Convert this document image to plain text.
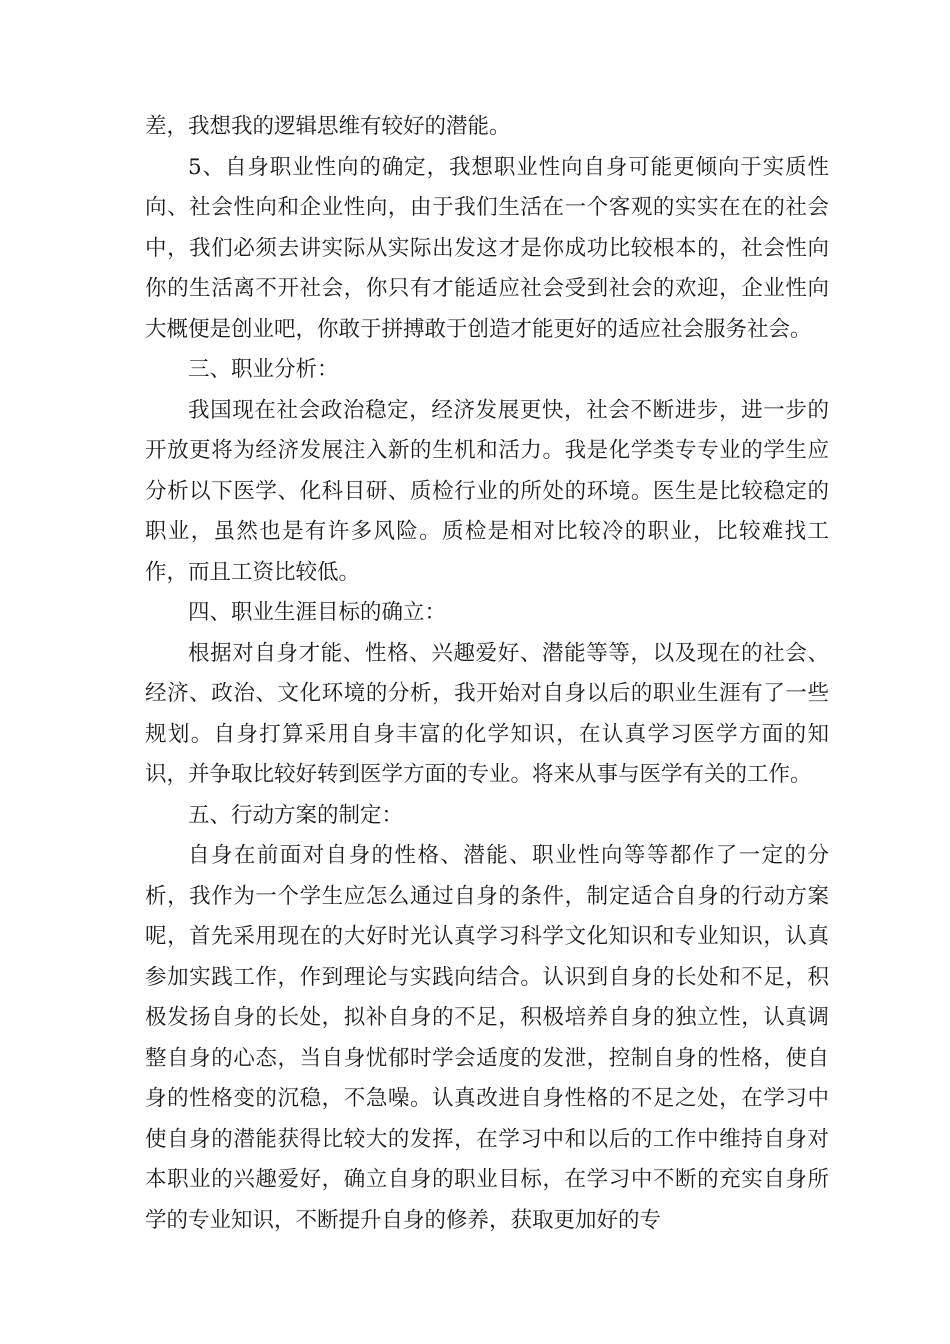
差，我想我的逻辑思维有较好的潜能。

5、自身职业性向的确定，我想职业性向自身可能更倾向于实质性向、社会性向和企业性向，由于我们生活在一个客观的实实在在的社会中，我们必须去讲实际从实际出发这才是你成功比较根本的，社会性向你的生活离不开社会，你只有才能适应社会受到社会的欢迎，企业性向大概便是创业吧，你敢于拼搏敢于创造才能更好的适应社会服务社会。

三、职业分析：

我国现在社会政治稳定，经济发展更快，社会不断进步，进一步的开放更将为经济发展注入新的生机和活力。我是化学类专专业的学生应分析以下医学、化科目研、质检行业的所处的环境。医生是比较稳定的职业，虽然也是有许多风险。质检是相对比较冷的职业，比较难找工作，而且工资比较低。

四、职业生涯目标的确立：

根据对自身才能、性格、兴趣爱好、潜能等等，以及现在的社会、经济、政治、文化环境的分析，我开始对自身以后的职业生涯有了一些规划。自身打算采用自身丰富的化学知识，在认真学习医学方面的知识，并争取比较好转到医学方面的专业。将来从事与医学有关的工作。

五、行动方案的制定：

自身在前面对自身的性格、潜能、职业性向等等都作了一定的分析，我作为一个学生应怎么通过自身的条件，制定适合自身的行动方案呢，首先采用现在的大好时光认真学习科学文化知识和专业知识，认真参加实践工作，作到理论与实践向结合。认识到自身的长处和不足，积极发扬自身的长处，拟补自身的不足，积极培养自身的独立性，认真调整自身的心态，当自身忧郁时学会适度的发泄，控制自身的性格，使自身的性格变的沉稳，不急噪。认真改进自身性格的不足之处，在学习中使自身的潜能获得比较大的发挥，在学习中和以后的工作中维持自身对本职业的兴趣爱好，确立自身的职业目标，在学习中不断的充实自身所学的专业知识，不断提升自身的修养，获取更加好的专
